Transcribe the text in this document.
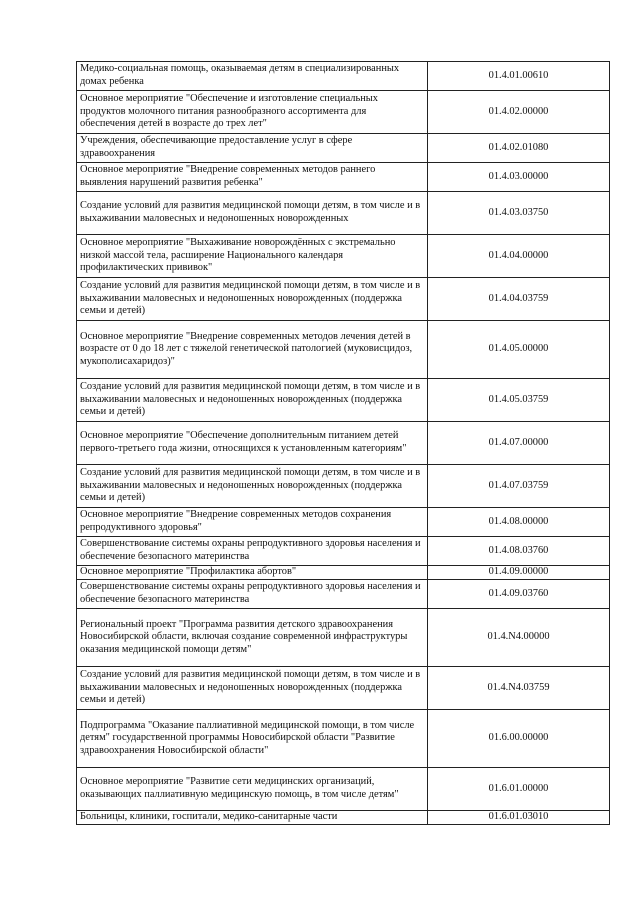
Медико-социальная помощь, оказываемая детям в специализированных домах ребенка	01.4.01.00610
Основное мероприятие "Обеспечение и изготовление специальных продуктов молочного питания разнообразного ассортимента для обеспечения детей в возрасте до трех лет"	01.4.02.00000
Учреждения, обеспечивающие предоставление услуг в сфере здравоохранения	01.4.02.01080
Основное мероприятие "Внедрение современных методов раннего выявления нарушений развития ребенка"	01.4.03.00000
Создание условий для развития медицинской помощи детям, в том числе и в выхаживании маловесных и недоношенных новорожденных	01.4.03.03750
Основное мероприятие "Выхаживание новорождённых с экстремально низкой массой тела, расширение Национального календаря профилактических прививок"	01.4.04.00000
Создание условий для развития медицинской помощи детям, в том числе и в выхаживании маловесных и недоношенных новорожденных (поддержка семьи и детей)	01.4.04.03759
Основное мероприятие "Внедрение современных методов лечения детей в возрасте от 0 до 18 лет с тяжелой генетической патологией (муковисцидоз, мукополисахаридоз)"	01.4.05.00000
Создание условий для развития медицинской помощи детям, в том числе и в выхаживании маловесных и недоношенных новорожденных (поддержка семьи и детей)	01.4.05.03759
Основное мероприятие "Обеспечение дополнительным питанием детей первого-третьего года жизни, относящихся к установленным категориям"	01.4.07.00000
Создание условий для развития медицинской помощи детям, в том числе и в выхаживании маловесных и недоношенных новорожденных (поддержка семьи и детей)	01.4.07.03759
Основное мероприятие "Внедрение современных методов сохранения репродуктивного здоровья"	01.4.08.00000
Совершенствование системы охраны репродуктивного здоровья населения и обеспечение безопасного материнства	01.4.08.03760
Основное мероприятие "Профилактика абортов"	01.4.09.00000
Совершенствование системы охраны репродуктивного здоровья населения и обеспечение безопасного материнства	01.4.09.03760
Региональный проект "Программа развития детского здравоохранения Новосибирской области, включая создание современной инфраструктуры оказания медицинской помощи детям"	01.4.N4.00000
Создание условий для развития медицинской помощи детям, в том числе и в выхаживании маловесных и недоношенных новорожденных (поддержка семьи и детей)	01.4.N4.03759
Подпрограмма "Оказание паллиативной медицинской помощи, в том числе детям" государственной программы Новосибирской области "Развитие здравоохранения Новосибирской области"	01.6.00.00000
Основное мероприятие "Развитие сети медицинских организаций, оказывающих паллиативную медицинскую помощь, в том числе детям"	01.6.01.00000
Больницы, клиники, госпитали, медико-санитарные части	01.6.01.03010
